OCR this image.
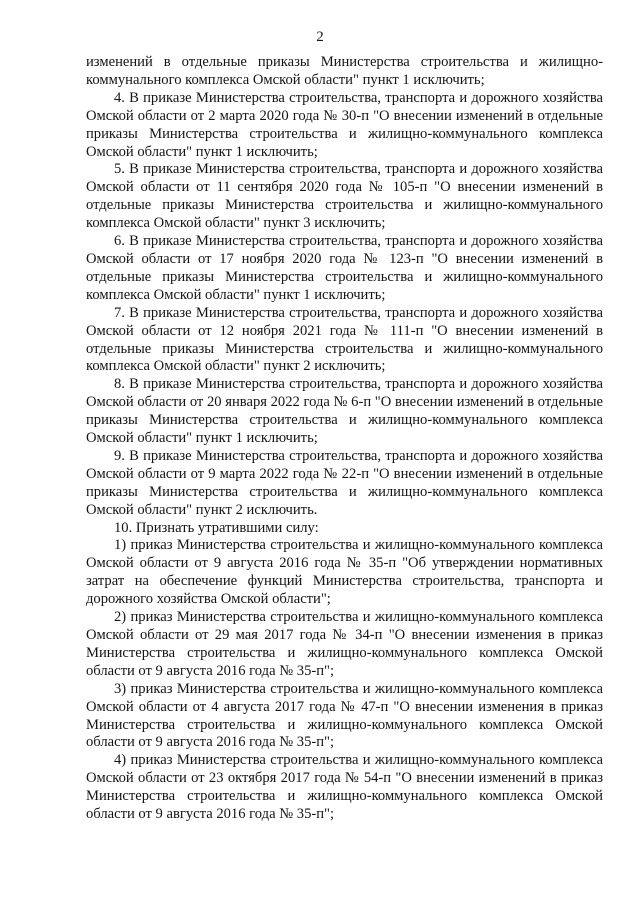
2

изменений в отдельные приказы Министерства строительства и жилищно-коммунального комплекса Омской области" пункт 1 исключить;

4. В приказе Министерства строительства, транспорта и дорожного хозяйства Омской области от 2 марта 2020 года № 30-п "О внесении изменений в отдельные приказы Министерства строительства и жилищно-коммунального комплекса Омской области" пункт 1 исключить;

5. В приказе Министерства строительства, транспорта и дорожного хозяйства Омской области от 11 сентября 2020 года № 105-п "О внесении изменений в отдельные приказы Министерства строительства и жилищно-коммунального комплекса Омской области" пункт 3 исключить;

6. В приказе Министерства строительства, транспорта и дорожного хозяйства Омской области от 17 ноября 2020 года № 123-п "О внесении изменений в отдельные приказы Министерства строительства и жилищно-коммунального комплекса Омской области" пункт 1 исключить;

7. В приказе Министерства строительства, транспорта и дорожного хозяйства Омской области от 12 ноября 2021 года № 111-п "О внесении изменений в отдельные приказы Министерства строительства и жилищно-коммунального комплекса Омской области" пункт 2 исключить;

8. В приказе Министерства строительства, транспорта и дорожного хозяйства Омской области от 20 января 2022 года № 6-п "О внесении изменений в отдельные приказы Министерства строительства и жилищно-коммунального комплекса Омской области" пункт 1 исключить;

9. В приказе Министерства строительства, транспорта и дорожного хозяйства Омской области от 9 марта 2022 года № 22-п "О внесении изменений в отдельные приказы Министерства строительства и жилищно-коммунального комплекса Омской области" пункт 2 исключить.

10. Признать утратившими силу:

1) приказ Министерства строительства и жилищно-коммунального комплекса Омской области от 9 августа 2016 года № 35-п "Об утверждении нормативных затрат на обеспечение функций Министерства строительства, транспорта и дорожного хозяйства Омской области";

2) приказ Министерства строительства и жилищно-коммунального комплекса Омской области от 29 мая 2017 года № 34-п "О внесении изменения в приказ Министерства строительства и жилищно-коммунального комплекса Омской области от 9 августа 2016 года № 35-п";

3) приказ Министерства строительства и жилищно-коммунального комплекса Омской области от 4 августа 2017 года № 47-п "О внесении изменения в приказ Министерства строительства и жилищно-коммунального комплекса Омской области от 9 августа 2016 года № 35-п";

4) приказ Министерства строительства и жилищно-коммунального комплекса Омской области от 23 октября 2017 года № 54-п "О внесении изменений в приказ Министерства строительства и жилищно-коммунального комплекса Омской области от 9 августа 2016 года № 35-п";
